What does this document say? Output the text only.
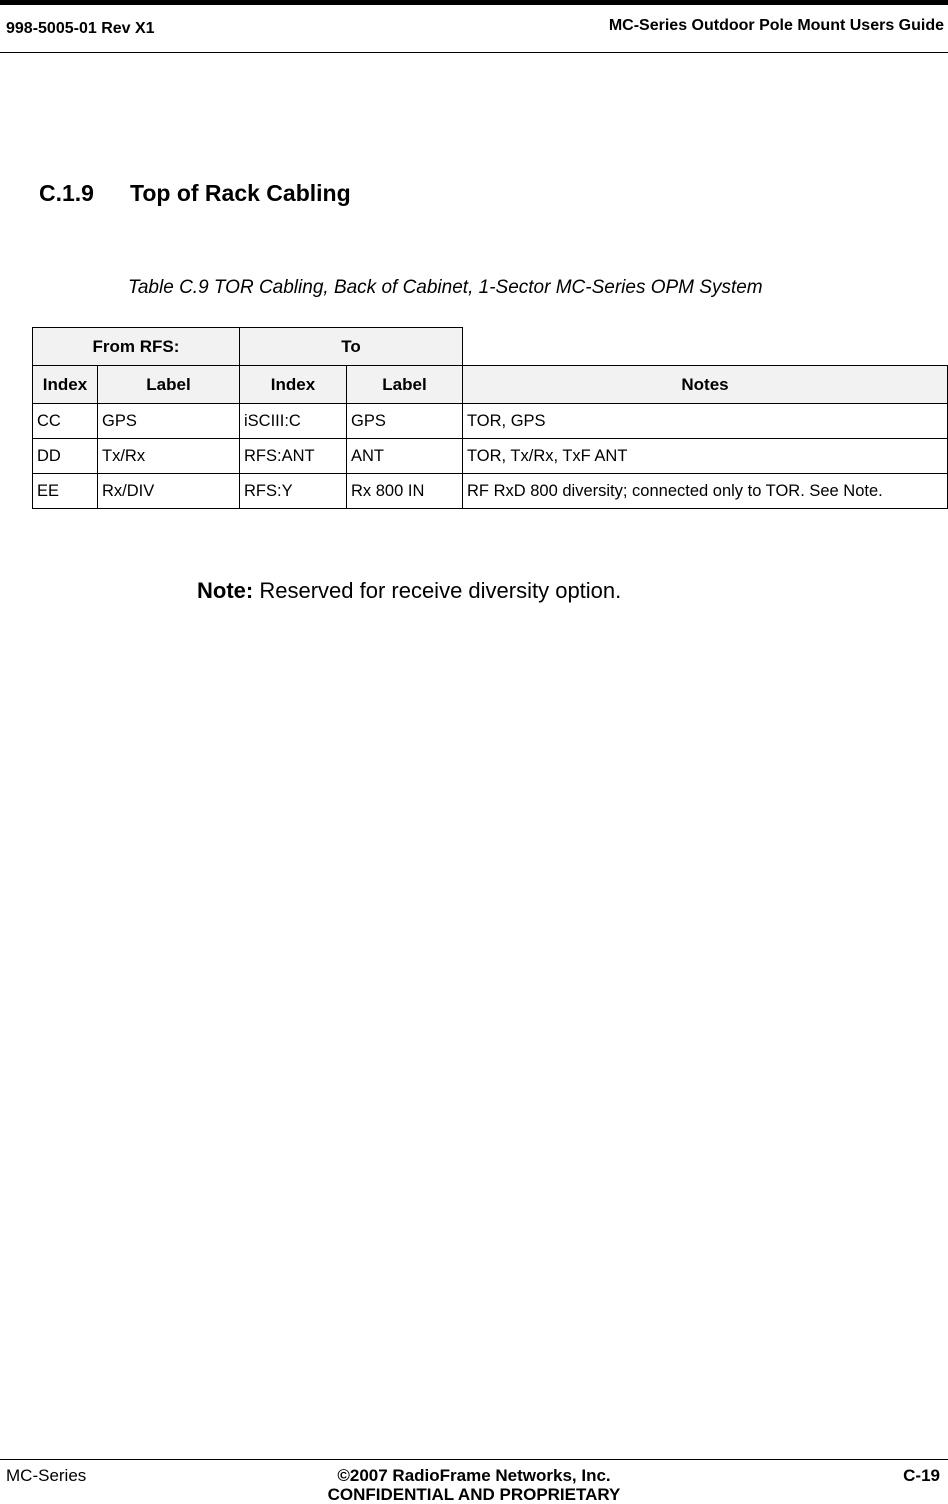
998-5005-01 Rev X1	MC-Series Outdoor Pole Mount Users Guide
C.1.9 Top of Rack Cabling
Table C.9 TOR Cabling, Back of Cabinet, 1-Sector MC-Series OPM System
From RFS:		To		
Index	Label	Index	Label	Notes
CC	GPS	iSCIII:C	GPS	TOR, GPS
DD	Tx/Rx	RFS:ANT	ANT	TOR, Tx/Rx, TxF ANT
EE	Rx/DIV	RFS:Y	Rx 800 IN	RF RxD 800 diversity; connected only to TOR. See Note.
Note: Reserved for receive diversity option.
MC-Series	©2007 RadioFrame Networks, Inc.
CONFIDENTIAL AND PROPRIETARY
C-19
